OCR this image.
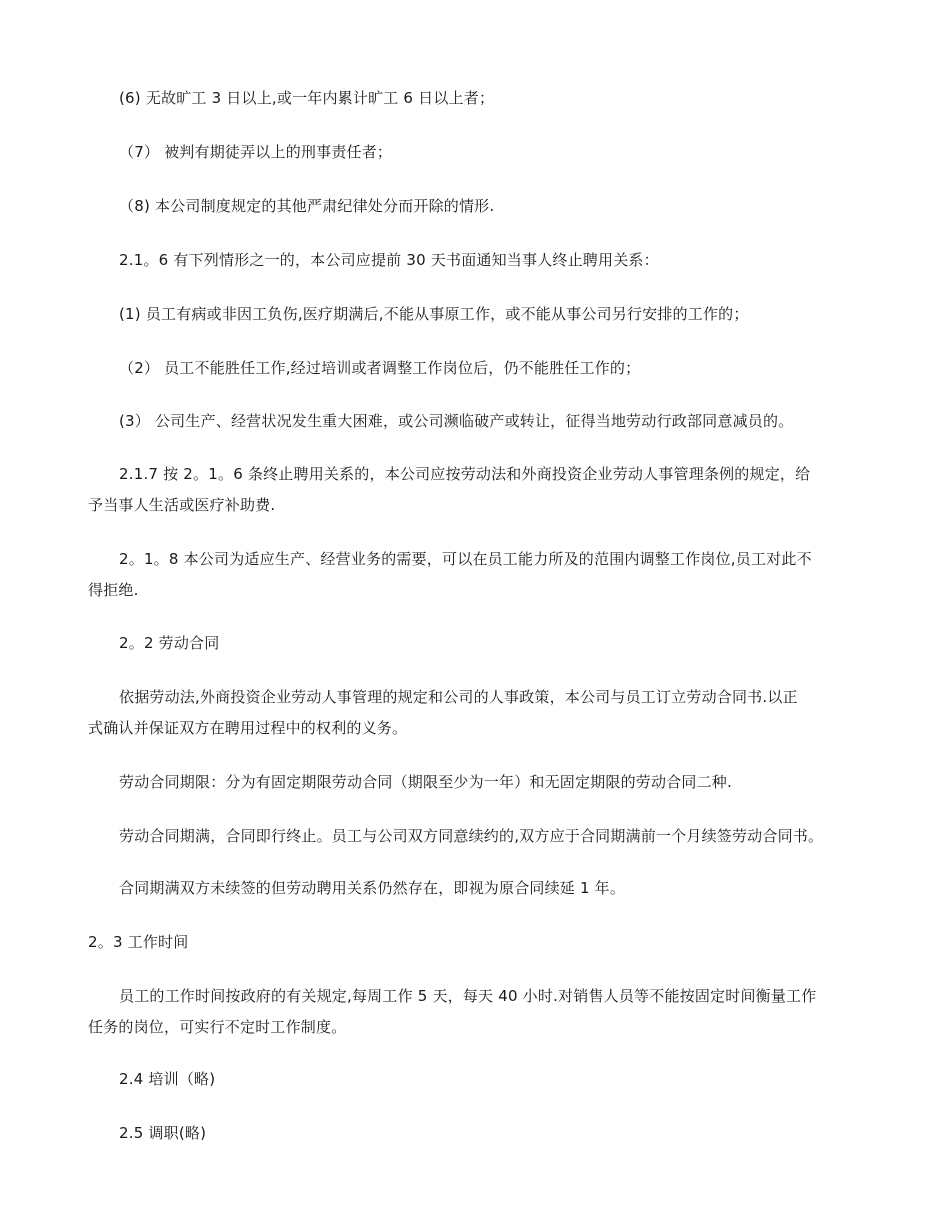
(6) 无故旷工 3 日以上,或一年内累计旷工 6 日以上者；

（7） 被判有期徒弄以上的刑事责任者；

（8) 本公司制度规定的其他严肃纪律处分而开除的情形.

2.1。6 有下列情形之一的，本公司应提前 30 天书面通知当事人终止聘用关系：

(1) 员工有病或非因工负伤,医疗期满后,不能从事原工作，或不能从事公司另行安排的工作的；

（2） 员工不能胜任工作,经过培训或者调整工作岗位后，仍不能胜任工作的；

(3） 公司生产、经营状况发生重大困难，或公司濒临破产或转让，征得当地劳动行政部同意减员的。

2.1.7 按 2。1。6 条终止聘用关系的，本公司应按劳动法和外商投资企业劳动人事管理条例的规定，给

予当事人生活或医疗补助费.

2。1。8 本公司为适应生产、经营业务的需要，可以在员工能力所及的范围内调整工作岗位,员工对此不

得拒绝.

2。2 劳动合同

依据劳动法,外商投资企业劳动人事管理的规定和公司的人事政策，本公司与员工订立劳动合同书.以正

式确认并保证双方在聘用过程中的权利的义务。

劳动合同期限：分为有固定期限劳动合同（期限至少为一年）和无固定期限的劳动合同二种.

劳动合同期满，合同即行终止。员工与公司双方同意续约的,双方应于合同期满前一个月续签劳动合同书。

合同期满双方未续签的但劳动聘用关系仍然存在，即视为原合同续延 1 年。

2。3 工作时间

员工的工作时间按政府的有关规定,每周工作 5 天，每天 40 小时.对销售人员等不能按固定时间衡量工作

任务的岗位，可实行不定时工作制度。

2.4 培训（略)

2.5 调职(略)
